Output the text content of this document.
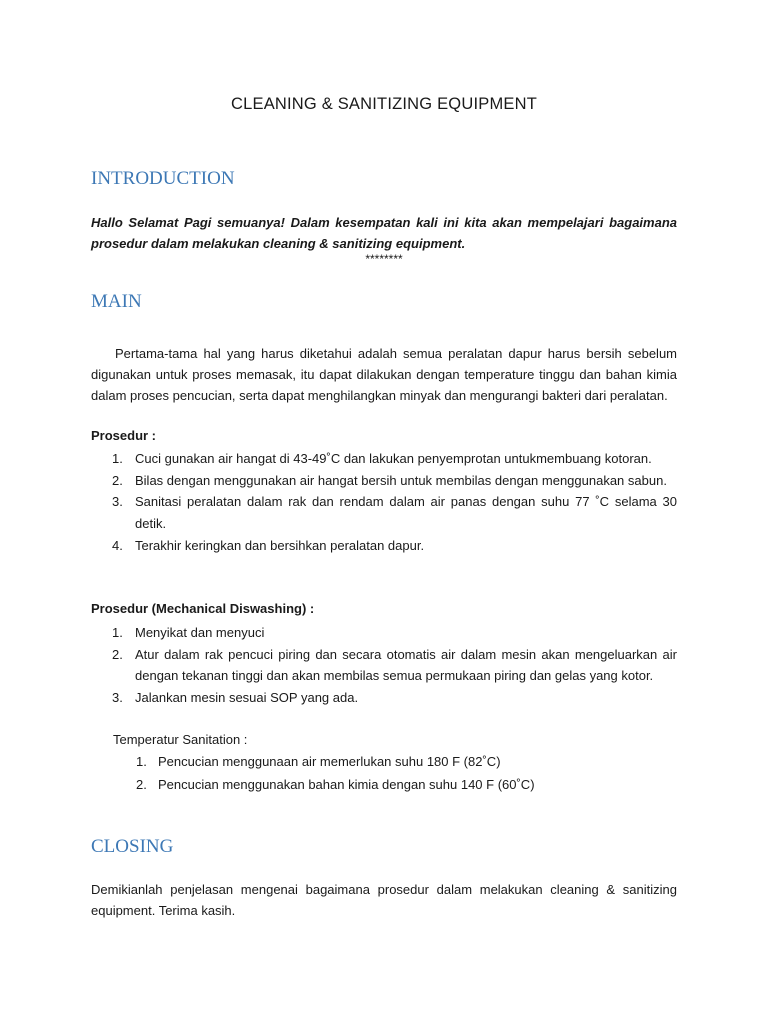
CLEANING & SANITIZING EQUIPMENT
INTRODUCTION

Hallo Selamat Pagi semuanya! Dalam kesempatan kali ini kita akan mempelajari bagaimana prosedur dalam melakukan cleaning & sanitizing equipment.

********
MAIN

Pertama-tama hal yang harus diketahui adalah semua peralatan dapur harus bersih sebelum digunakan untuk proses memasak, itu dapat dilakukan dengan temperature tinggu dan bahan kimia dalam proses pencucian, serta dapat menghilangkan minyak dan mengurangi bakteri dari peralatan.

Prosedur :
1. Cuci gunakan air hangat di 43-49˚C dan lakukan penyemprotan untukmembuang kotoran.
2. Bilas dengan menggunakan air hangat bersih untuk membilas dengan menggunakan sabun.
3. Sanitasi peralatan dalam rak dan rendam dalam air panas dengan suhu 77 ˚C selama 30 detik.
4. Terakhir keringkan dan bersihkan peralatan dapur.
Prosedur (Mechanical Diswashing) :
1. Menyikat dan menyuci
2. Atur dalam rak pencuci piring dan secara otomatis air dalam mesin akan mengeluarkan air dengan tekanan tinggi dan akan membilas semua permukaan piring dan gelas yang kotor.
3. Jalankan mesin sesuai SOP yang ada.
Temperatur Sanitation :
1. Pencucian menggunaan air memerlukan suhu 180 F (82˚C)
2. Pencucian menggunakan bahan kimia dengan suhu 140 F (60˚C)
CLOSING

Demikianlah penjelasan mengenai bagaimana prosedur dalam melakukan cleaning & sanitizing equipment. Terima kasih.
